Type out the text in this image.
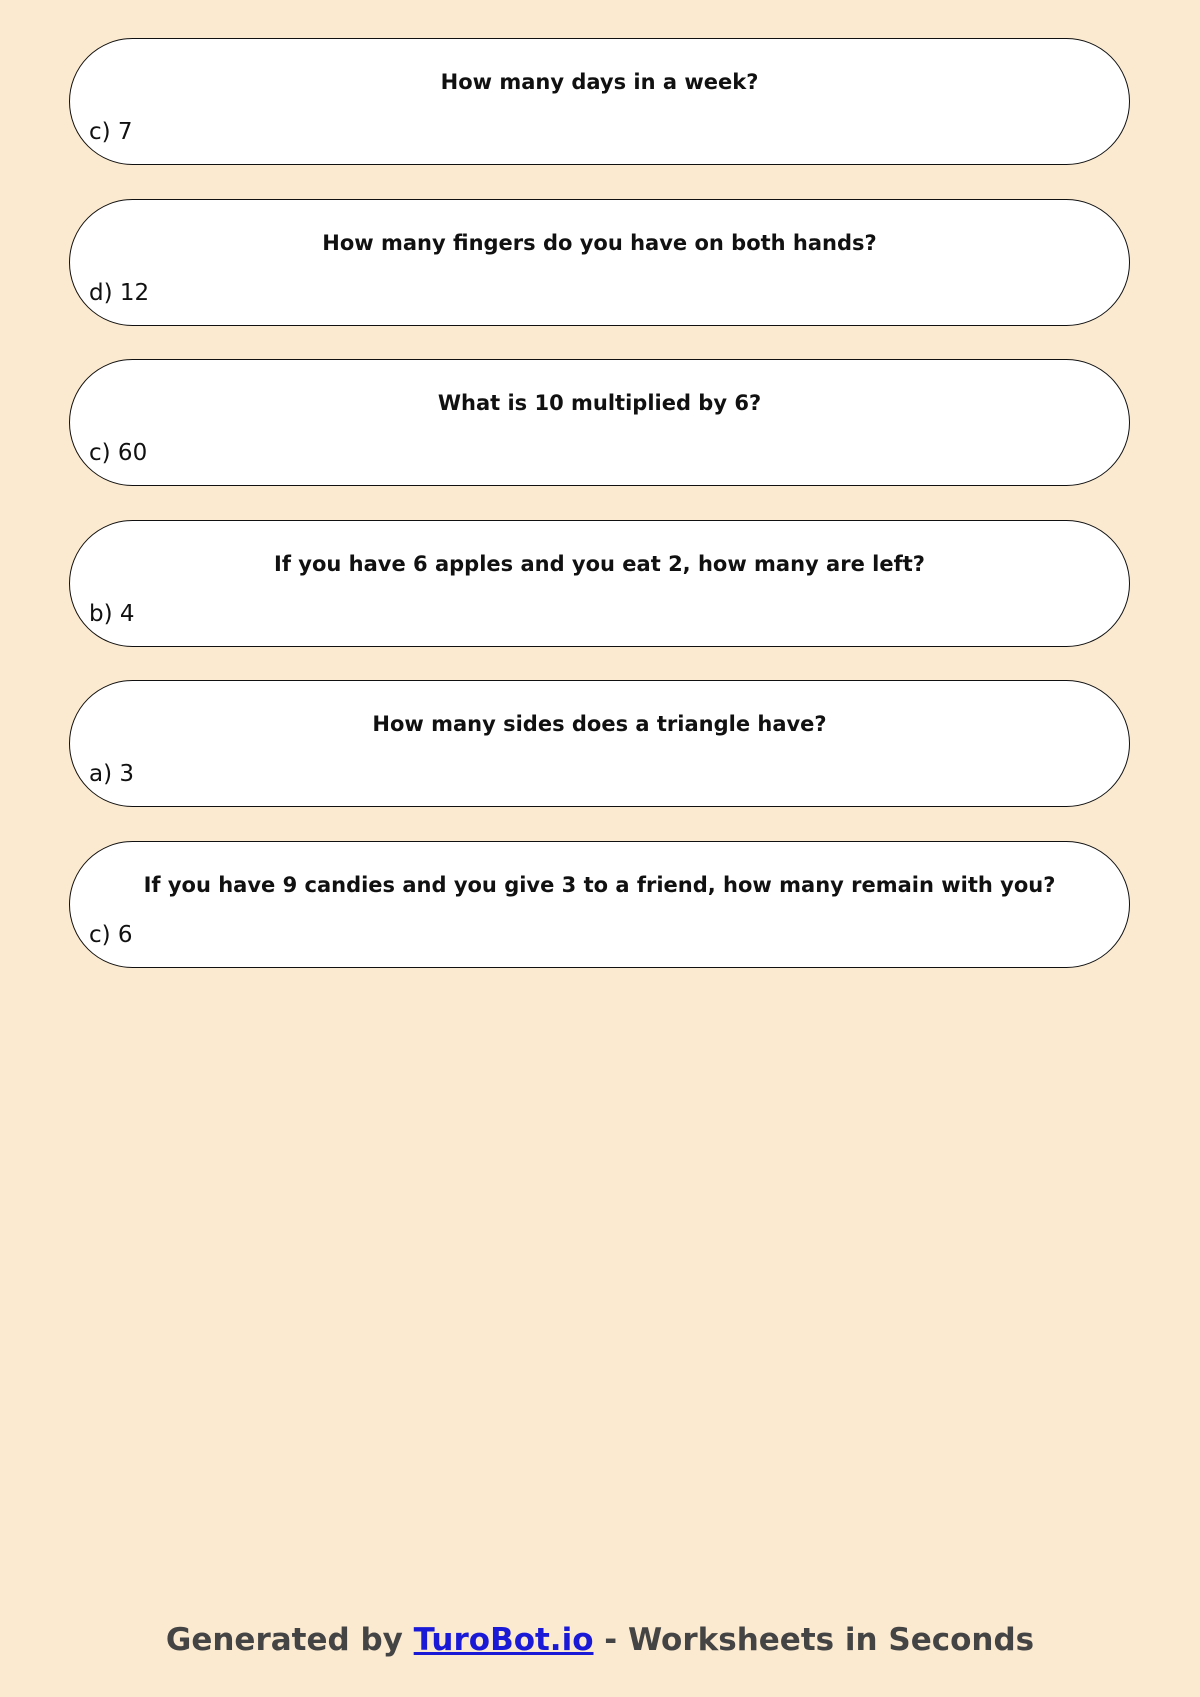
How many days in a week?
c) 7
How many fingers do you have on both hands?
d) 12
What is 10 multiplied by 6?
c) 60
If you have 6 apples and you eat 2, how many are left?
b) 4
How many sides does a triangle have?
a) 3
If you have 9 candies and you give 3 to a friend, how many remain with you?
c) 6
Generated by TuroBot.io - Worksheets in Seconds
